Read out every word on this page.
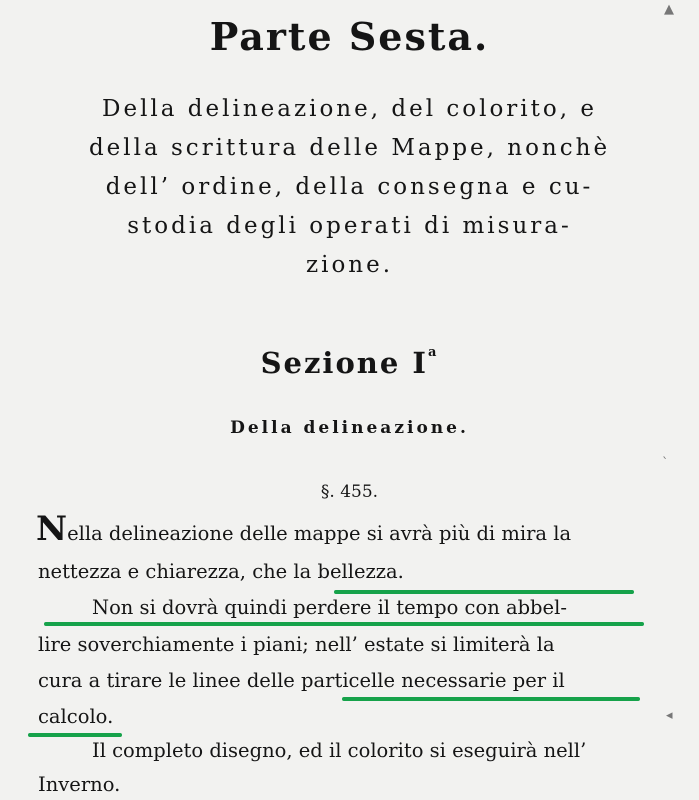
Parte Sesta.
Della delineazione, del colorito, e
della scrittura delle Mappe, nonchè
dell’ ordine, della consegna e cu-
stodia degli operati di misura-
zione.
Sezione $I^a$
Della delineazione.
§. 455.
Nella delineazione delle mappe si avrà più di mira la
nettezza e chiarezza, che la bellezza.
Non si dovrà quindi perdere il tempo con abbel-
lire soverchiamente i piani; nell’ estate si limiterà la
cura a tirare le linee delle particelle necessarie per il
calcolo.
Il completo disegno, ed il colorito si eseguirà nell’
Inverno.
▲
ˋ
◂
